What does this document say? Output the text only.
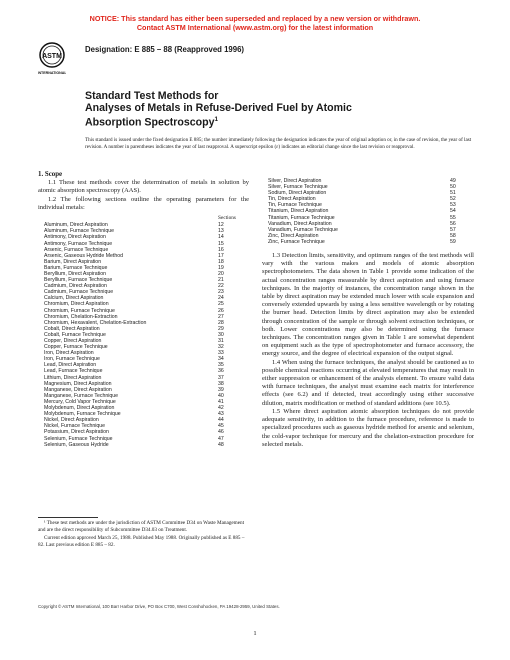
NOTICE: This standard has either been superseded and replaced by a new version or withdrawn.
Contact ASTM International (www.astm.org) for the latest information
ASTM
INTERNATIONAL
Designation: E 885 – 88 (Reapproved 1996)
Standard Test Methods for
Analyses of Metals in Refuse-Derived Fuel by Atomic
Absorption Spectroscopy$^1$
This standard is issued under the fixed designation E 885; the number immediately following the designation indicates the year of original adoption or, in the case of revision, the year of last revision. A number in parentheses indicates the year of last reapproval. A superscript epsilon (ε) indicates an editorial change since the last revision or reapproval.

1. Scope

1.1 These test methods cover the determination of metals in solution by atomic absorption spectroscopy (AAS).

1.2 The following sections outline the operating parameters for the individual metals:

Sections
Aluminum, Direct Aspiration	12
Aluminum, Furnace Technique	13
Antimony, Direct Aspiration	14
Antimony, Furnace Technique	15
Arsenic, Furnace Technique	16
Arsenic, Gaseous Hydride Method	17
Barium, Direct Aspiration	18
Barium, Furnace Technique	19
Beryllium, Direct Aspiration	20
Beryllium, Furnace Technique	21
Cadmium, Direct Aspiration	22
Cadmium, Furnace Technique	23
Calcium, Direct Aspiration	24
Chromium, Direct Aspiration	25
Chromium, Furnace Technique	26
Chromium, Chelation-Extraction	27
Chromium, Hexavalent, Chelation-Extraction	28
Cobalt, Direct Aspiration	29
Cobalt, Furnace Technique	30
Copper, Direct Aspiration	31
Copper, Furnace Technique	32
Iron, Direct Aspiration	33
Iron, Furnace Technique	34
Lead, Direct Aspiration	35
Lead, Furnace Technique	36
Lithium, Direct Aspiration	37
Magnesium, Direct Aspiration	38
Manganese, Direct Aspiration	39
Manganese, Furnace Technique	40
Mercury, Cold Vapor Technique	41
Molybdenum, Direct Aspiration	42
Molybdenum, Furnace Technique	43
Nickel, Direct Aspiration	44
Nickel, Furnace Technique	45
Potassium, Direct Aspiration	46
Selenium, Furnace Technique	47
Selenium, Gaseous Hydride	48
Silver, Direct Aspiration	49
Silver, Furnace Technique	50
Sodium, Direct Aspiration	51
Tin, Direct Aspiration	52
Tin, Furnace Technique	53
Titanium, Direct Aspiration	54
Titanium, Furnace Technique	55
Vanadium, Direct Aspiration	56
Vanadium, Furnace Technique	57
Zinc, Direct Aspiration	58
Zinc, Furnace Technique	59

1.3 Detection limits, sensitivity, and optimum ranges of the test methods will vary with the various makes and models of atomic absorption spectrophotometers. The data shown in Table 1 provide some indication of the actual concentration ranges measurable by direct aspiration and using furnace techniques. In the majority of instances, the concentration range shown in the table by direct aspiration may be extended much lower with scale expansion and conversely extended upwards by using a less sensitive wavelength or by rotating the burner head. Detection limits by direct aspiration may also be extended through concentration of the sample or through solvent extraction techniques, or both. Lower concentrations may also be determined using the furnace techniques. The concentration ranges given in Table 1 are somewhat dependent on equipment such as the type of spectrophotometer and furnace accessory, the energy source, and the degree of electrical expansion of the output signal.

1.4 When using the furnace techniques, the analyst should be cautioned as to possible chemical reactions occurring at elevated temperatures that may result in either suppression or enhancement of the analysis element. To ensure valid data with furnace techniques, the analyst must examine each matrix for interference effects (see 6.2) and if detected, treat accordingly using either successive dilution, matrix modification or method of standard additions (see 10.5).

1.5 Where direct aspiration atomic absorption techniques do not provide adequate sensitivity, in addition to the furnace procedure, reference is made to specialized procedures such as gaseous hydride method for arsenic and selenium, the cold-vapor technique for mercury and the chelation-extraction procedure for selected metals.

¹ These test methods are under the jurisdiction of ASTM Committee D34 on Waste Management and are the direct responsibility of Subcommittee D34.03 on Treatment.

Current edition approved March 25, 1988. Published May 1988. Originally published as E 885 – 82. Last previous edition E 885 – 82.

Copyright © ASTM International, 100 Barr Harbor Drive, PO Box C700, West Conshohocken, PA 19428-2959, United States.
1
